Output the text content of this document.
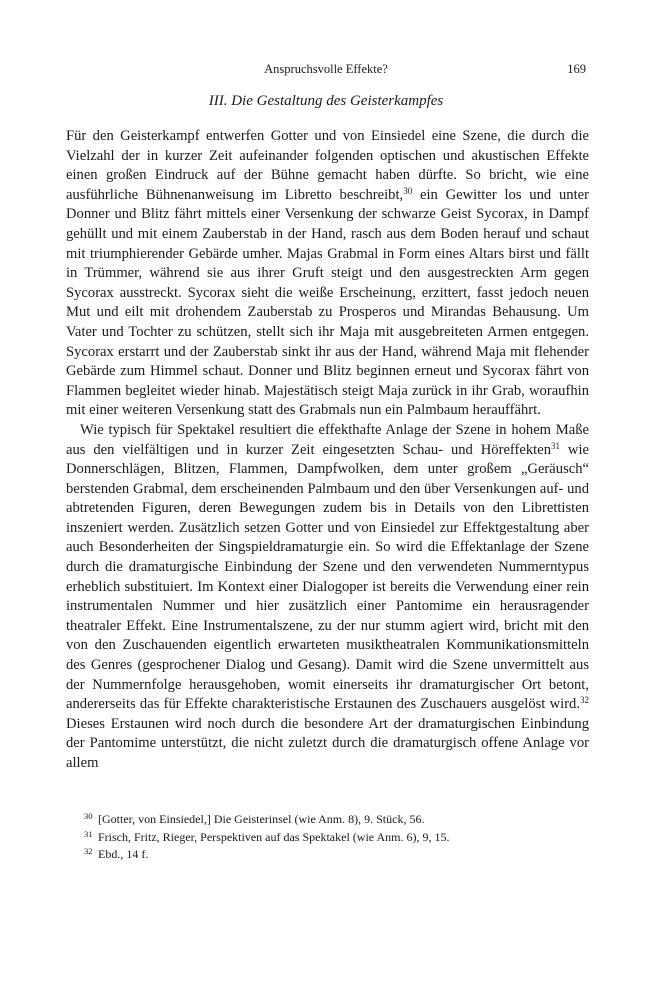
Anspruchsvolle Effekte?	169
III. Die Gestaltung des Geisterkampfes

Für den Geisterkampf entwerfen Gotter und von Einsiedel eine Szene, die durch die Vielzahl der in kurzer Zeit aufeinander folgenden optischen und akustischen Effekte einen großen Eindruck auf der Bühne gemacht haben dürfte. So bricht, wie eine ausführliche Bühnenanweisung im Libretto beschreibt,$^{30}$ ein Gewitter los und unter Donner und Blitz fährt mittels einer Versenkung der schwarze Geist Sycorax, in Dampf gehüllt und mit einem Zauberstab in der Hand, rasch aus dem Boden herauf und schaut mit triumphierender Gebärde umher. Majas Grabmal in Form eines Altars birst und fällt in Trümmer, während sie aus ihrer Gruft steigt und den ausgestreckten Arm gegen Sycorax ausstreckt. Sycorax sieht die weiße Erscheinung, erzittert, fasst jedoch neuen Mut und eilt mit drohendem Zauberstab zu Prosperos und Mirandas Behausung. Um Vater und Tochter zu schützen, stellt sich ihr Maja mit ausgebreiteten Armen entgegen. Sycorax erstarrt und der Zauberstab sinkt ihr aus der Hand, während Maja mit flehender Gebärde zum Himmel schaut. Donner und Blitz beginnen erneut und Sycorax fährt von Flammen begleitet wieder hinab. Majestätisch steigt Maja zurück in ihr Grab, woraufhin mit einer weiteren Versenkung statt des Grabmals nun ein Palmbaum herauffährt.

Wie typisch für Spektakel resultiert die effekthafte Anlage der Szene in hohem Maße aus den vielfältigen und in kurzer Zeit eingesetzten Schau- und Höreffekten$^{31}$ wie Donnerschlägen, Blitzen, Flammen, Dampfwolken, dem unter großem „Geräusch“ berstenden Grabmal, dem erscheinenden Palmbaum und den über Versenkungen auf- und abtretenden Figuren, deren Bewegungen zudem bis in Details von den Librettisten inszeniert werden. Zusätzlich setzen Gotter und von Einsiedel zur Effektgestaltung aber auch Besonderheiten der Singspieldramaturgie ein. So wird die Effektanlage der Szene durch die dramaturgische Einbindung der Szene und den verwendeten Nummerntypus erheblich substituiert. Im Kontext einer Dialogoper ist bereits die Verwendung einer rein instrumentalen Nummer und hier zusätzlich einer Pantomime ein herausragender theatraler Effekt. Eine Instrumentalszene, zu der nur stumm agiert wird, bricht mit den von den Zuschauenden eigentlich erwarteten musiktheatralen Kommunikationsmitteln des Genres (gesprochener Dialog und Gesang). Damit wird die Szene unvermittelt aus der Nummernfolge herausgehoben, womit einerseits ihr dramaturgischer Ort betont, andererseits das für Effekte charakteristische Erstaunen des Zuschauers ausgelöst wird.$^{32}$ Dieses Erstaunen wird noch durch die besondere Art der dramaturgischen Einbindung der Pantomime unterstützt, die nicht zuletzt durch die dramaturgisch offene Anlage vor allem

30 [Gotter, von Einsiedel,] Die Geisterinsel (wie Anm. 8), 9. Stück, 56.
31 Frisch, Fritz, Rieger, Perspektiven auf das Spektakel (wie Anm. 6), 9, 15.
32 Ebd., 14 f.
